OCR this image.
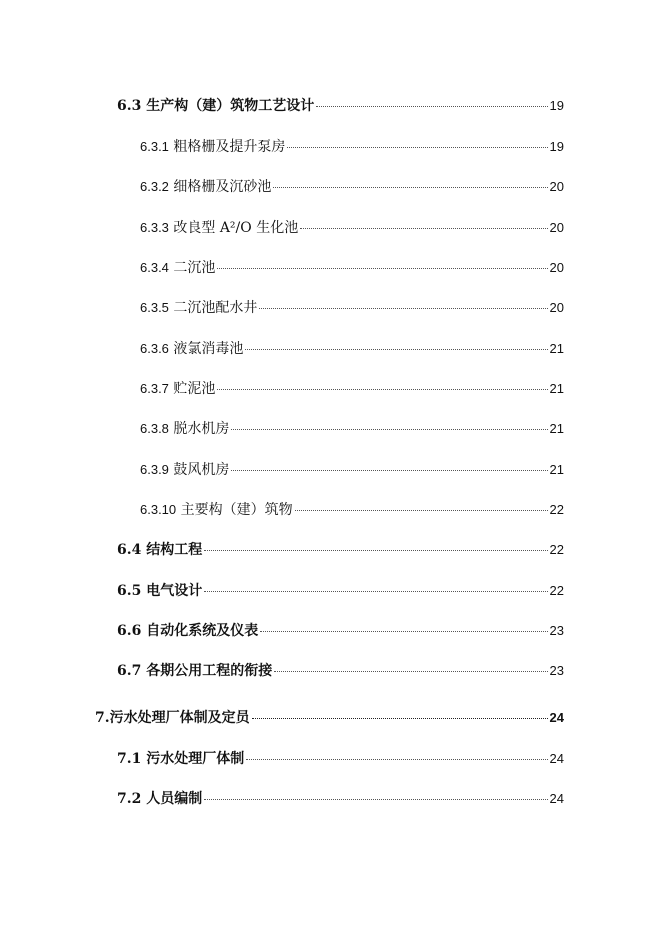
6.3 生产构（建）筑物工艺设计	19
6.3.1 粗格栅及提升泵房	19
6.3.2 细格栅及沉砂池	20
6.3.3 改良型 A²/O 生化池	20
6.3.4 二沉池	20
6.3.5 二沉池配水井	20
6.3.6 液氯消毒池	21
6.3.7 贮泥池	21
6.3.8 脱水机房	21
6.3.9 鼓风机房	21
6.3.10 主要构（建）筑物	22
6.4 结构工程	22
6.5 电气设计	22
6.6 自动化系统及仪表	23
6.7 各期公用工程的衔接	23
7.污水处理厂体制及定员	24
7.1 污水处理厂体制	24
7.2 人员编制	24
